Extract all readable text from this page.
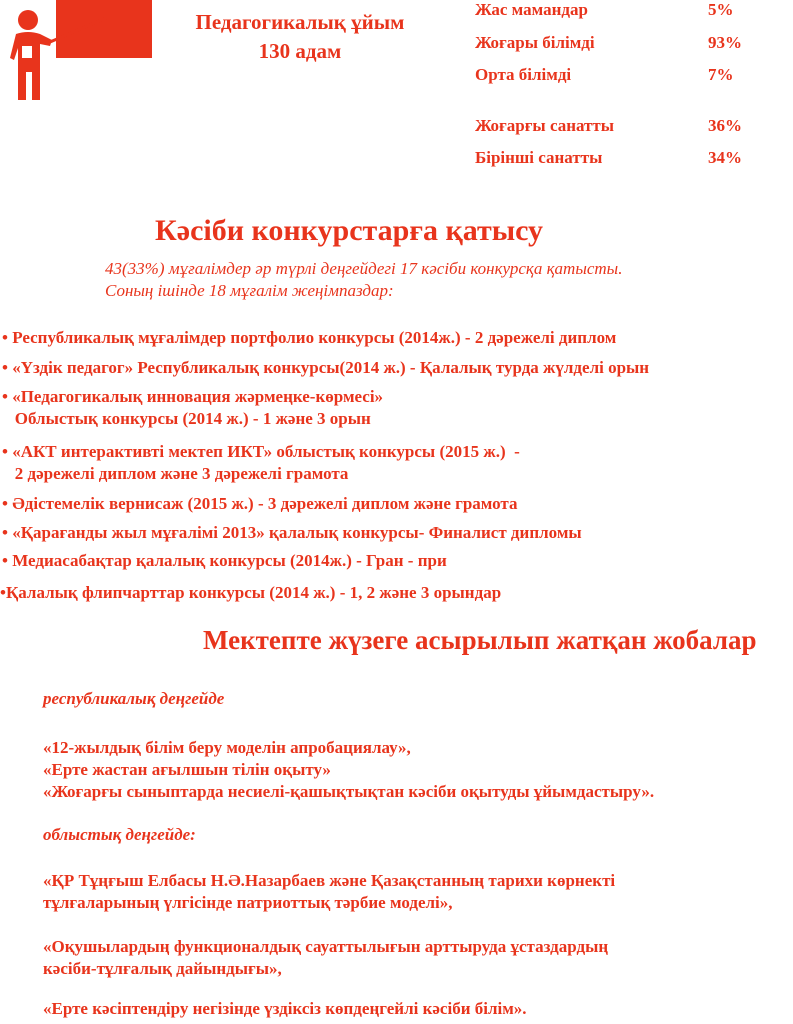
Педагогикалық ұйым
130 адам
Жас мамандар	5%
Жоғары білімді	93%
Орта білімді	7%
Жоғарғы санатты	36%
Бірінші санатты	34%
Кәсіби конкурстарға қатысу
43(33%) мұғалімдер әр түрлі деңгейдегі 17 кәсіби конкурсқа қатысты.
Соның ішінде 18 мұғалім жеңімпаздар:
• Республикалық мұғалімдер портфолио конкурсы (2014ж.) - 2 дәрежелі диплом
• «Үздік педагог» Республикалық конкурсы(2014 ж.) - Қалалық турда жүлделі орын
• «Педагогикалық инновация жәрмеңке-көрмесі»
Облыстық конкурсы (2014 ж.) - 1 және 3 орын
• «АКТ интерактивті мектеп ИКТ» облыстық конкурсы (2015 ж.)  -
2 дәрежелі диплом және 3 дәрежелі грамота
• Әдістемелік вернисаж (2015 ж.) - 3 дәрежелі диплом және грамота
• «Қарағанды жыл мұғалімі 2013» қалалық конкурсы- Финалист дипломы
• Медиасабақтар қалалық конкурсы (2014ж.) - Гран - при
•Қалалық флипчарттар конкурсы (2014 ж.) - 1, 2 және 3 орындар
Мектепте жүзеге асырылып жатқан жобалар
республикалық деңгейде
«12-жылдық білім беру моделін апробациялау»,
«Ерте жастан ағылшын тілін оқыту»
«Жоғарғы сыныптарда несиелі-қашықтықтан кәсіби оқытуды ұйымдастыру».
облыстық деңгейде:
«ҚР Тұңғыш Елбасы Н.Ә.Назарбаев және Қазақстанның тарихи көрнекті
тұлғаларының үлгісінде патриоттық тәрбие моделі»,
«Оқушылардың функционалдық сауаттылығын арттыруда ұстаздардың
кәсіби-тұлғалық дайындығы»,
«Ерте кәсіптендіру негізінде үздіксіз көпдеңгейлі кәсіби білім».
